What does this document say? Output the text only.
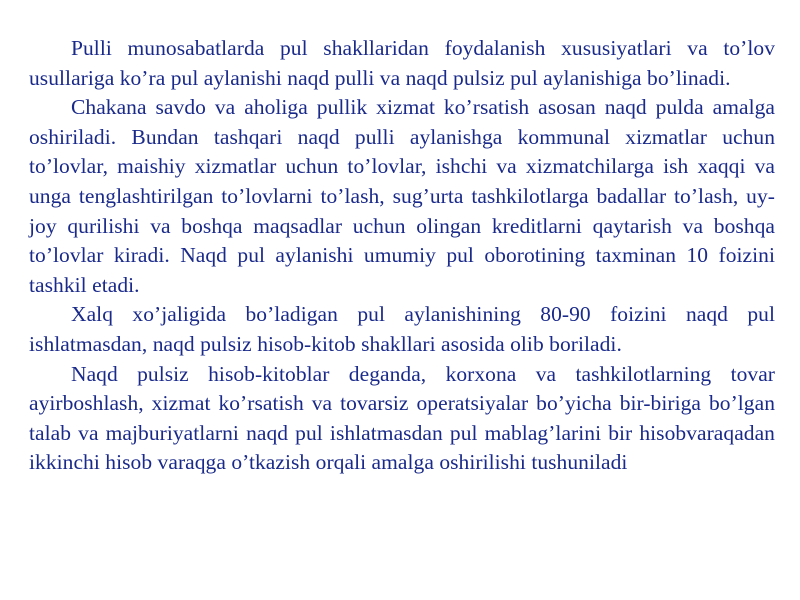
Pulli munosabatlarda pul shakllaridan foydalanish xususiyatlari va to’lov usullariga ko’ra pul aylanishi naqd pulli va naqd pulsiz pul aylanishiga bo’linadi.

Chakana savdo va aholiga pullik xizmat ko’rsatish asosan naqd pulda amalga oshiriladi. Bundan tashqari naqd pulli aylanishga kommunal xizmatlar uchun to’lovlar, maishiy xizmatlar uchun to’lovlar, ishchi va xizmatchilarga ish xaqqi va unga tenglashtirilgan to’lovlarni to’lash, sug’urta tashkilotlarga badallar to’lash, uy-joy qurilishi va boshqa maqsadlar uchun olingan kreditlarni qaytarish va boshqa to’lovlar kiradi. Naqd pul aylanishi umumiy pul oborotining taxminan 10 foizini tashkil etadi.

Xalq xo’jaligida bo’ladigan pul aylanishining 80-90 foizini naqd pul ishlatmasdan, naqd pulsiz hisob-kitob shakllari asosida olib boriladi.

Naqd pulsiz hisob-kitoblar deganda, korxona va tashkilotlarning tovar ayirboshlash, xizmat ko’rsatish va tovarsiz operatsiyalar bo’yicha bir-biriga bo’lgan talab va majburiyatlarni naqd pul ishlatmasdan pul mablag’larini bir hisobvaraqadan ikkinchi hisob varaqga o’tkazish orqali amalga oshirilishi tushuniladi
